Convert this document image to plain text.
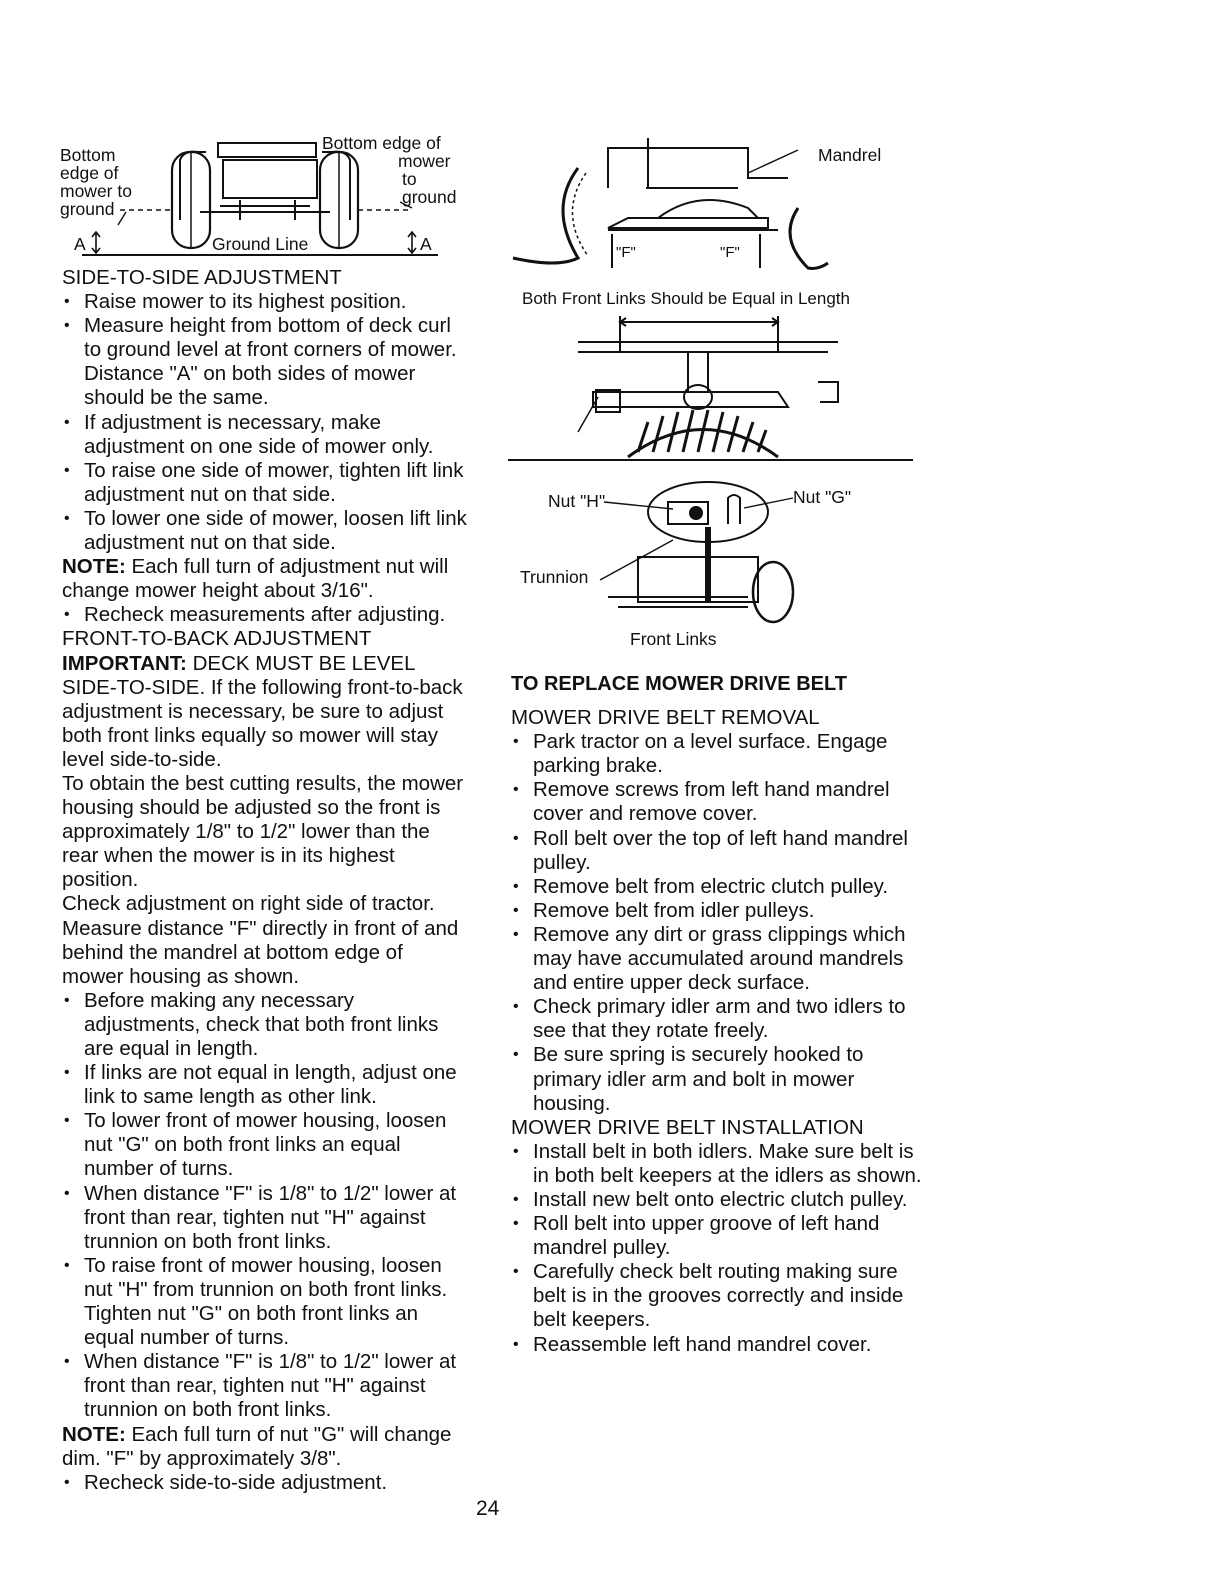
Bottom
edge of
mower to
ground
Bottom edge of
mower
to
ground
Ground Line
A	A

SIDE-TO-SIDE ADJUSTMENT

• Raise mower to its highest position.

• Measure height from bottom of deck curl to ground level at front corners of mower. Distance "A" on both sides of mower should be the same.

• If adjustment is necessary, make adjustment on one side of mower only.

• To raise one side of mower, tighten lift link adjustment nut on that side.

• To lower one side of mower, loosen lift link adjustment nut on that side.

NOTE: Each full turn of adjustment nut will change mower height about 3/16".

• Recheck measurements after adjusting.

FRONT-TO-BACK ADJUSTMENT

IMPORTANT: DECK MUST BE LEVEL SIDE-TO-SIDE. If the following front-to-back adjustment is necessary, be sure to adjust both front links equally so mower will stay level side-to-side.

To obtain the best cutting results, the mower housing should be adjusted so the front is approximately 1/8" to 1/2" lower than the rear when the mower is in its highest position.

Check adjustment on right side of tractor. Measure distance "F" directly in front of and behind the mandrel at bottom edge of mower housing as shown.

• Before making any necessary adjustments, check that both front links are equal in length.

• If links are not equal in length, adjust one link to same length as other link.

• To lower front of mower housing, loosen nut "G" on both front links an equal number of turns.

• When distance "F" is 1/8" to 1/2" lower at front than rear, tighten nut "H" against trunnion on both front links.

• To raise front of mower housing, loosen nut "H" from trunnion on both front links. Tighten nut "G" on both front links an equal number of turns.

• When distance "F" is 1/8" to 1/2" lower at front than rear, tighten nut "H" against trunnion on both front links.

NOTE: Each full turn of nut "G" will change dim. "F" by approximately 3/8".

• Recheck side-to-side adjustment.

Mandrel
"F"	"F"
Both Front Links Should be Equal in Length
Nut "H"	Nut "G"
Trunnion
Front Links

TO REPLACE MOWER DRIVE BELT

MOWER DRIVE BELT REMOVAL

• Park tractor on a level surface. Engage parking brake.

• Remove screws from left hand mandrel cover and remove cover.

• Roll belt over the top of left hand mandrel pulley.

• Remove belt from electric clutch pulley.

• Remove belt from idler pulleys.

• Remove any dirt or grass clippings which may have accumulated around mandrels and entire upper deck surface.

• Check primary idler arm and two idlers to see that they rotate freely.

• Be sure spring is securely hooked to primary idler arm and bolt in mower housing.

MOWER DRIVE BELT INSTALLATION

• Install belt in both idlers. Make sure belt is in both belt keepers at the idlers as shown.

• Install new belt onto electric clutch pulley.

• Roll belt into upper groove of left hand mandrel pulley.

• Carefully check belt routing making sure belt is in the grooves correctly and inside belt keepers.

• Reassemble left hand mandrel cover.

24
